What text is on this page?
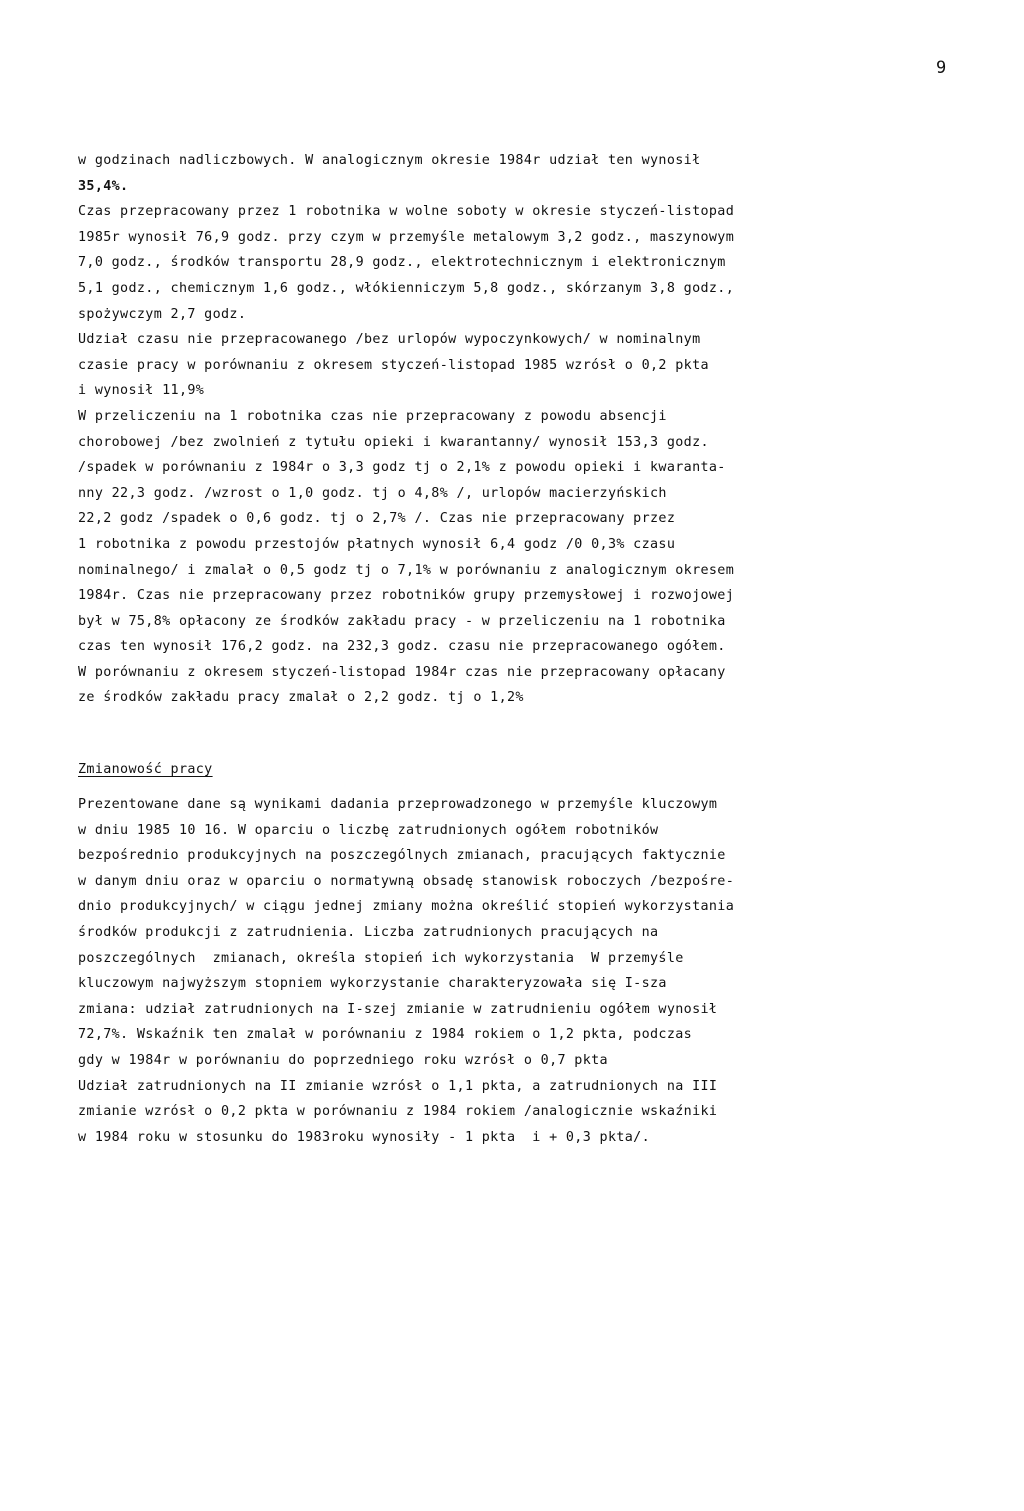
9
w godzinach nadliczbowych. W analogicznym okresie 1984r udział ten wynosił
35,4%.
Czas przepracowany przez 1 robotnika w wolne soboty w okresie styczeń-listopad
1985r wynosił 76,9 godz. przy czym w przemyśle metalowym 3,2 godz., maszynowym
7,0 godz., środków transportu 28,9 godz., elektrotechnicznym i elektronicznym
5,1 godz., chemicznym 1,6 godz., włókienniczym 5,8 godz., skórzanym 3,8 godz.,
spożywczym 2,7 godz.
Udział czasu nie przepracowanego /bez urlopów wypoczynkowych/ w nominalnym
czasie pracy w porównaniu z okresem styczeń-listopad 1985 wzrósł o 0,2 pkta
i wynosił 11,9%
W przeliczeniu na 1 robotnika czas nie przepracowany z powodu absencji
chorobowej /bez zwolnień z tytułu opieki i kwarantanny/ wynosił 153,3 godz.
/spadek w porównaniu z 1984r o 3,3 godz tj o 2,1% z powodu opieki i kwaranta-
nny 22,3 godz. /wzrost o 1,0 godz. tj o 4,8% /, urlopów macierzyńskich
22,2 godz /spadek o 0,6 godz. tj o 2,7% /. Czas nie przepracowany przez
1 robotnika z powodu przestojów płatnych wynosił 6,4 godz /0 0,3% czasu
nominalnego/ i zmalał o 0,5 godz tj o 7,1% w porównaniu z analogicznym okresem
1984r. Czas nie przepracowany przez robotników grupy przemysłowej i rozwojowej
był w 75,8% opłacony ze środków zakładu pracy - w przeliczeniu na 1 robotnika
czas ten wynosił 176,2 godz. na 232,3 godz. czasu nie przepracowanego ogółem.
W porównaniu z okresem styczeń-listopad 1984r czas nie przepracowany opłacany
ze środków zakładu pracy zmalał o 2,2 godz. tj o 1,2%
Zmianowość pracy
Prezentowane dane są wynikami dadania przeprowadzonego w przemyśle kluczowym
w dniu 1985 10 16. W oparciu o liczbę zatrudnionych ogółem robotników
bezpośrednio produkcyjnych na poszczególnych zmianach, pracujących faktycznie
w danym dniu oraz w oparciu o normatywną obsadę stanowisk roboczych /bezpośre-
dnio produkcyjnych/ w ciągu jednej zmiany można określić stopień wykorzystania
środków produkcji z zatrudnienia. Liczba zatrudnionych pracujących na
poszczególnych  zmianach, określa stopień ich wykorzystania  W przemyśle
kluczowym najwyższym stopniem wykorzystanie charakteryzowała się I-sza
zmiana: udział zatrudnionych na I-szej zmianie w zatrudnieniu ogółem wynosił
72,7%. Wskaźnik ten zmalał w porównaniu z 1984 rokiem o 1,2 pkta, podczas
gdy w 1984r w porównaniu do poprzedniego roku wzrósł o 0,7 pkta
Udział zatrudnionych na II zmianie wzrósł o 1,1 pkta, a zatrudnionych na III
zmianie wzrósł o 0,2 pkta w porównaniu z 1984 rokiem /analogicznie wskaźniki
w 1984 roku w stosunku do 1983roku wynosiły - 1 pkta  i + 0,3 pkta/.
